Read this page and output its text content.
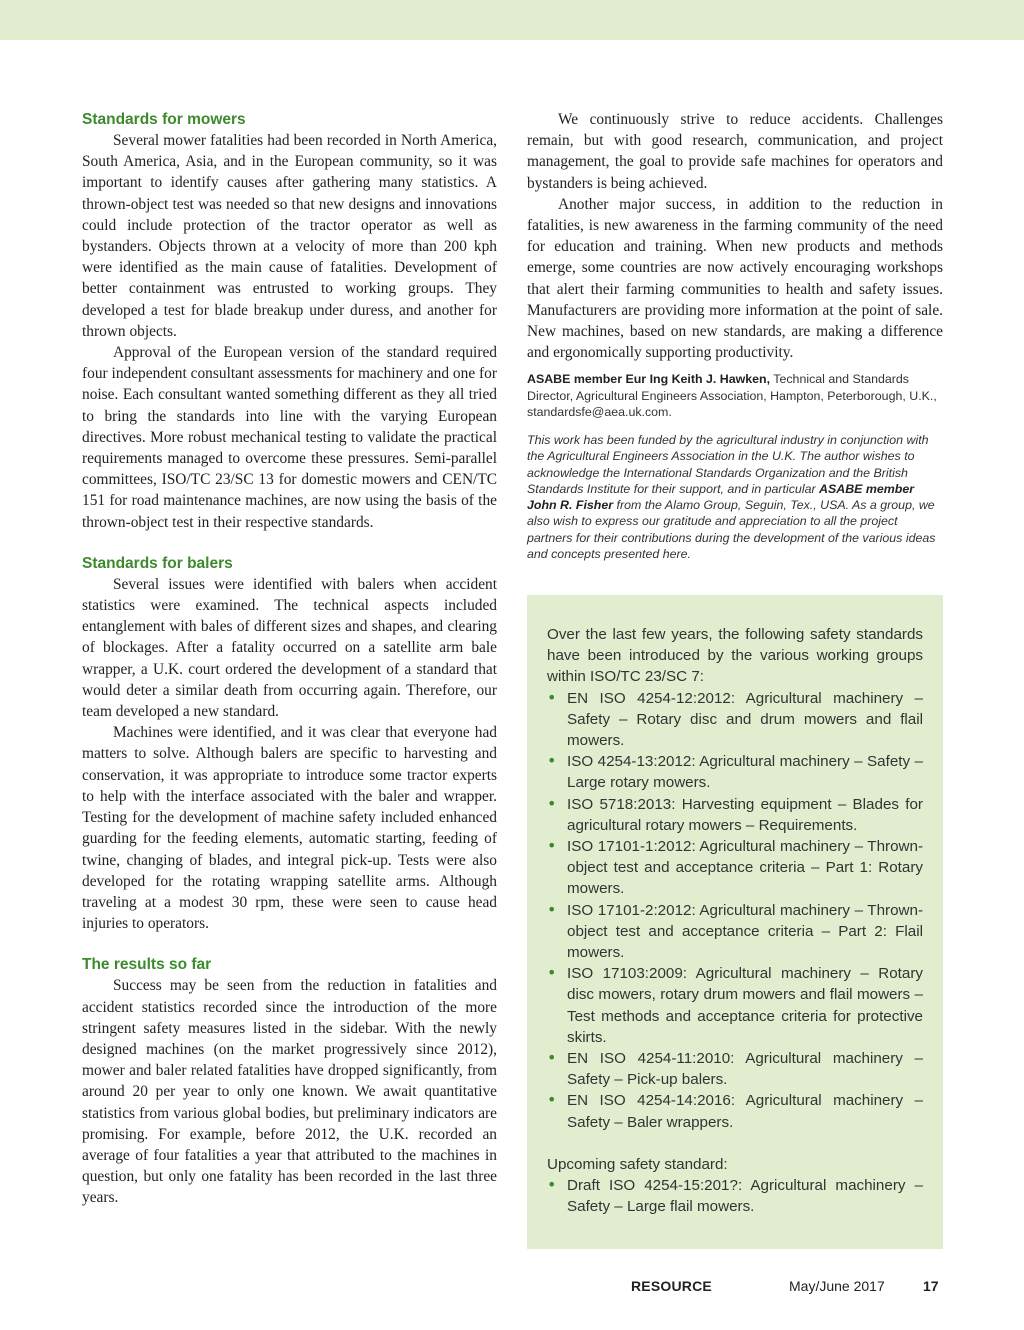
Standards for mowers

Several mower fatalities had been recorded in North America, South America, Asia, and in the European community, so it was important to identify causes after gathering many statistics. A thrown-object test was needed so that new designs and innovations could include protection of the tractor operator as well as bystanders. Objects thrown at a velocity of more than 200 kph were identified as the main cause of fatalities. Development of better containment was entrusted to working groups. They developed a test for blade breakup under duress, and another for thrown objects.

Approval of the European version of the standard required four independent consultant assessments for machinery and one for noise. Each consultant wanted something different as they all tried to bring the standards into line with the varying European directives. More robust mechanical testing to validate the practical requirements managed to overcome these pressures. Semi-parallel committees, ISO/TC 23/SC 13 for domestic mowers and CEN/TC 151 for road maintenance machines, are now using the basis of the thrown-object test in their respective standards.

Standards for balers

Several issues were identified with balers when accident statistics were examined. The technical aspects included entanglement with bales of different sizes and shapes, and clearing of blockages. After a fatality occurred on a satellite arm bale wrapper, a U.K. court ordered the development of a standard that would deter a similar death from occurring again. Therefore, our team developed a new standard.

Machines were identified, and it was clear that everyone had matters to solve. Although balers are specific to harvesting and conservation, it was appropriate to introduce some tractor experts to help with the interface associated with the baler and wrapper. Testing for the development of machine safety included enhanced guarding for the feeding elements, automatic starting, feeding of twine, changing of blades, and integral pick-up. Tests were also developed for the rotating wrapping satellite arms. Although traveling at a modest 30 rpm, these were seen to cause head injuries to operators.

The results so far

Success may be seen from the reduction in fatalities and accident statistics recorded since the introduction of the more stringent safety measures listed in the sidebar. With the newly designed machines (on the market progressively since 2012), mower and baler related fatalities have dropped significantly, from around 20 per year to only one known. We await quantitative statistics from various global bodies, but preliminary indicators are promising. For example, before 2012, the U.K. recorded an average of four fatalities a year that attributed to the machines in question, but only one fatality has been recorded in the last three years.

We continuously strive to reduce accidents. Challenges remain, but with good research, communication, and project management, the goal to provide safe machines for operators and bystanders is being achieved.

Another major success, in addition to the reduction in fatalities, is new awareness in the farming community of the need for education and training. When new products and methods emerge, some countries are now actively encouraging workshops that alert their farming communities to health and safety issues. Manufacturers are providing more information at the point of sale. New machines, based on new standards, are making a difference and ergonomically supporting productivity.

ASABE member Eur Ing Keith J. Hawken, Technical and Standards Director, Agricultural Engineers Association, Hampton, Peterborough, U.K., standardsfe@aea.uk.com.

This work has been funded by the agricultural industry in conjunction with the Agricultural Engineers Association in the U.K. The author wishes to acknowledge the International Standards Organization and the British Standards Institute for their support, and in particular ASABE member John R. Fisher from the Alamo Group, Seguin, Tex., USA. As a group, we also wish to express our gratitude and appreciation to all the project partners for their contributions during the development of the various ideas and concepts presented here.

Over the last few years, the following safety standards have been introduced by the various working groups within ISO/TC 23/SC 7:

• EN ISO 4254-12:2012: Agricultural machinery – Safety – Rotary disc and drum mowers and flail mowers.
• ISO 4254-13:2012: Agricultural machinery – Safety – Large rotary mowers.
• ISO 5718:2013: Harvesting equipment – Blades for agricultural rotary mowers – Requirements.
• ISO 17101-1:2012: Agricultural machinery – Thrown-object test and acceptance criteria – Part 1: Rotary mowers.
• ISO 17101-2:2012: Agricultural machinery – Thrown-object test and acceptance criteria – Part 2: Flail mowers.
• ISO 17103:2009: Agricultural machinery – Rotary disc mowers, rotary drum mowers and flail mowers – Test methods and acceptance criteria for protective skirts.
• EN ISO 4254-11:2010: Agricultural machinery – Safety – Pick-up balers.
• EN ISO 4254-14:2016: Agricultural machinery – Safety – Baler wrappers.

Upcoming safety standard:

• Draft ISO 4254-15:201?: Agricultural machinery – Safety – Large flail mowers.
RESOURCE	May/June 2017	17
